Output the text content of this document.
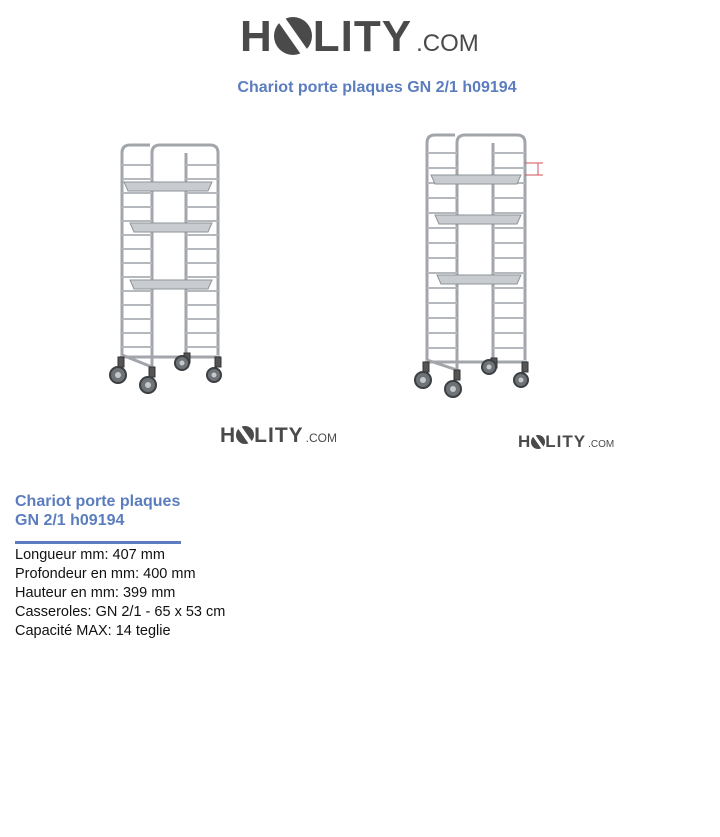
H LITY .COM
Chariot porte plaques GN 2/1 h09194
H LITY .COM	H LITY .COM
Chariot porte plaques
GN 2/1 h09194
Longueur mm: 407 mm
Profondeur en mm: 400 mm
Hauteur en mm: 399 mm
Casseroles: GN 2/1 - 65 x 53 cm
Capacité MAX: 14 teglie
